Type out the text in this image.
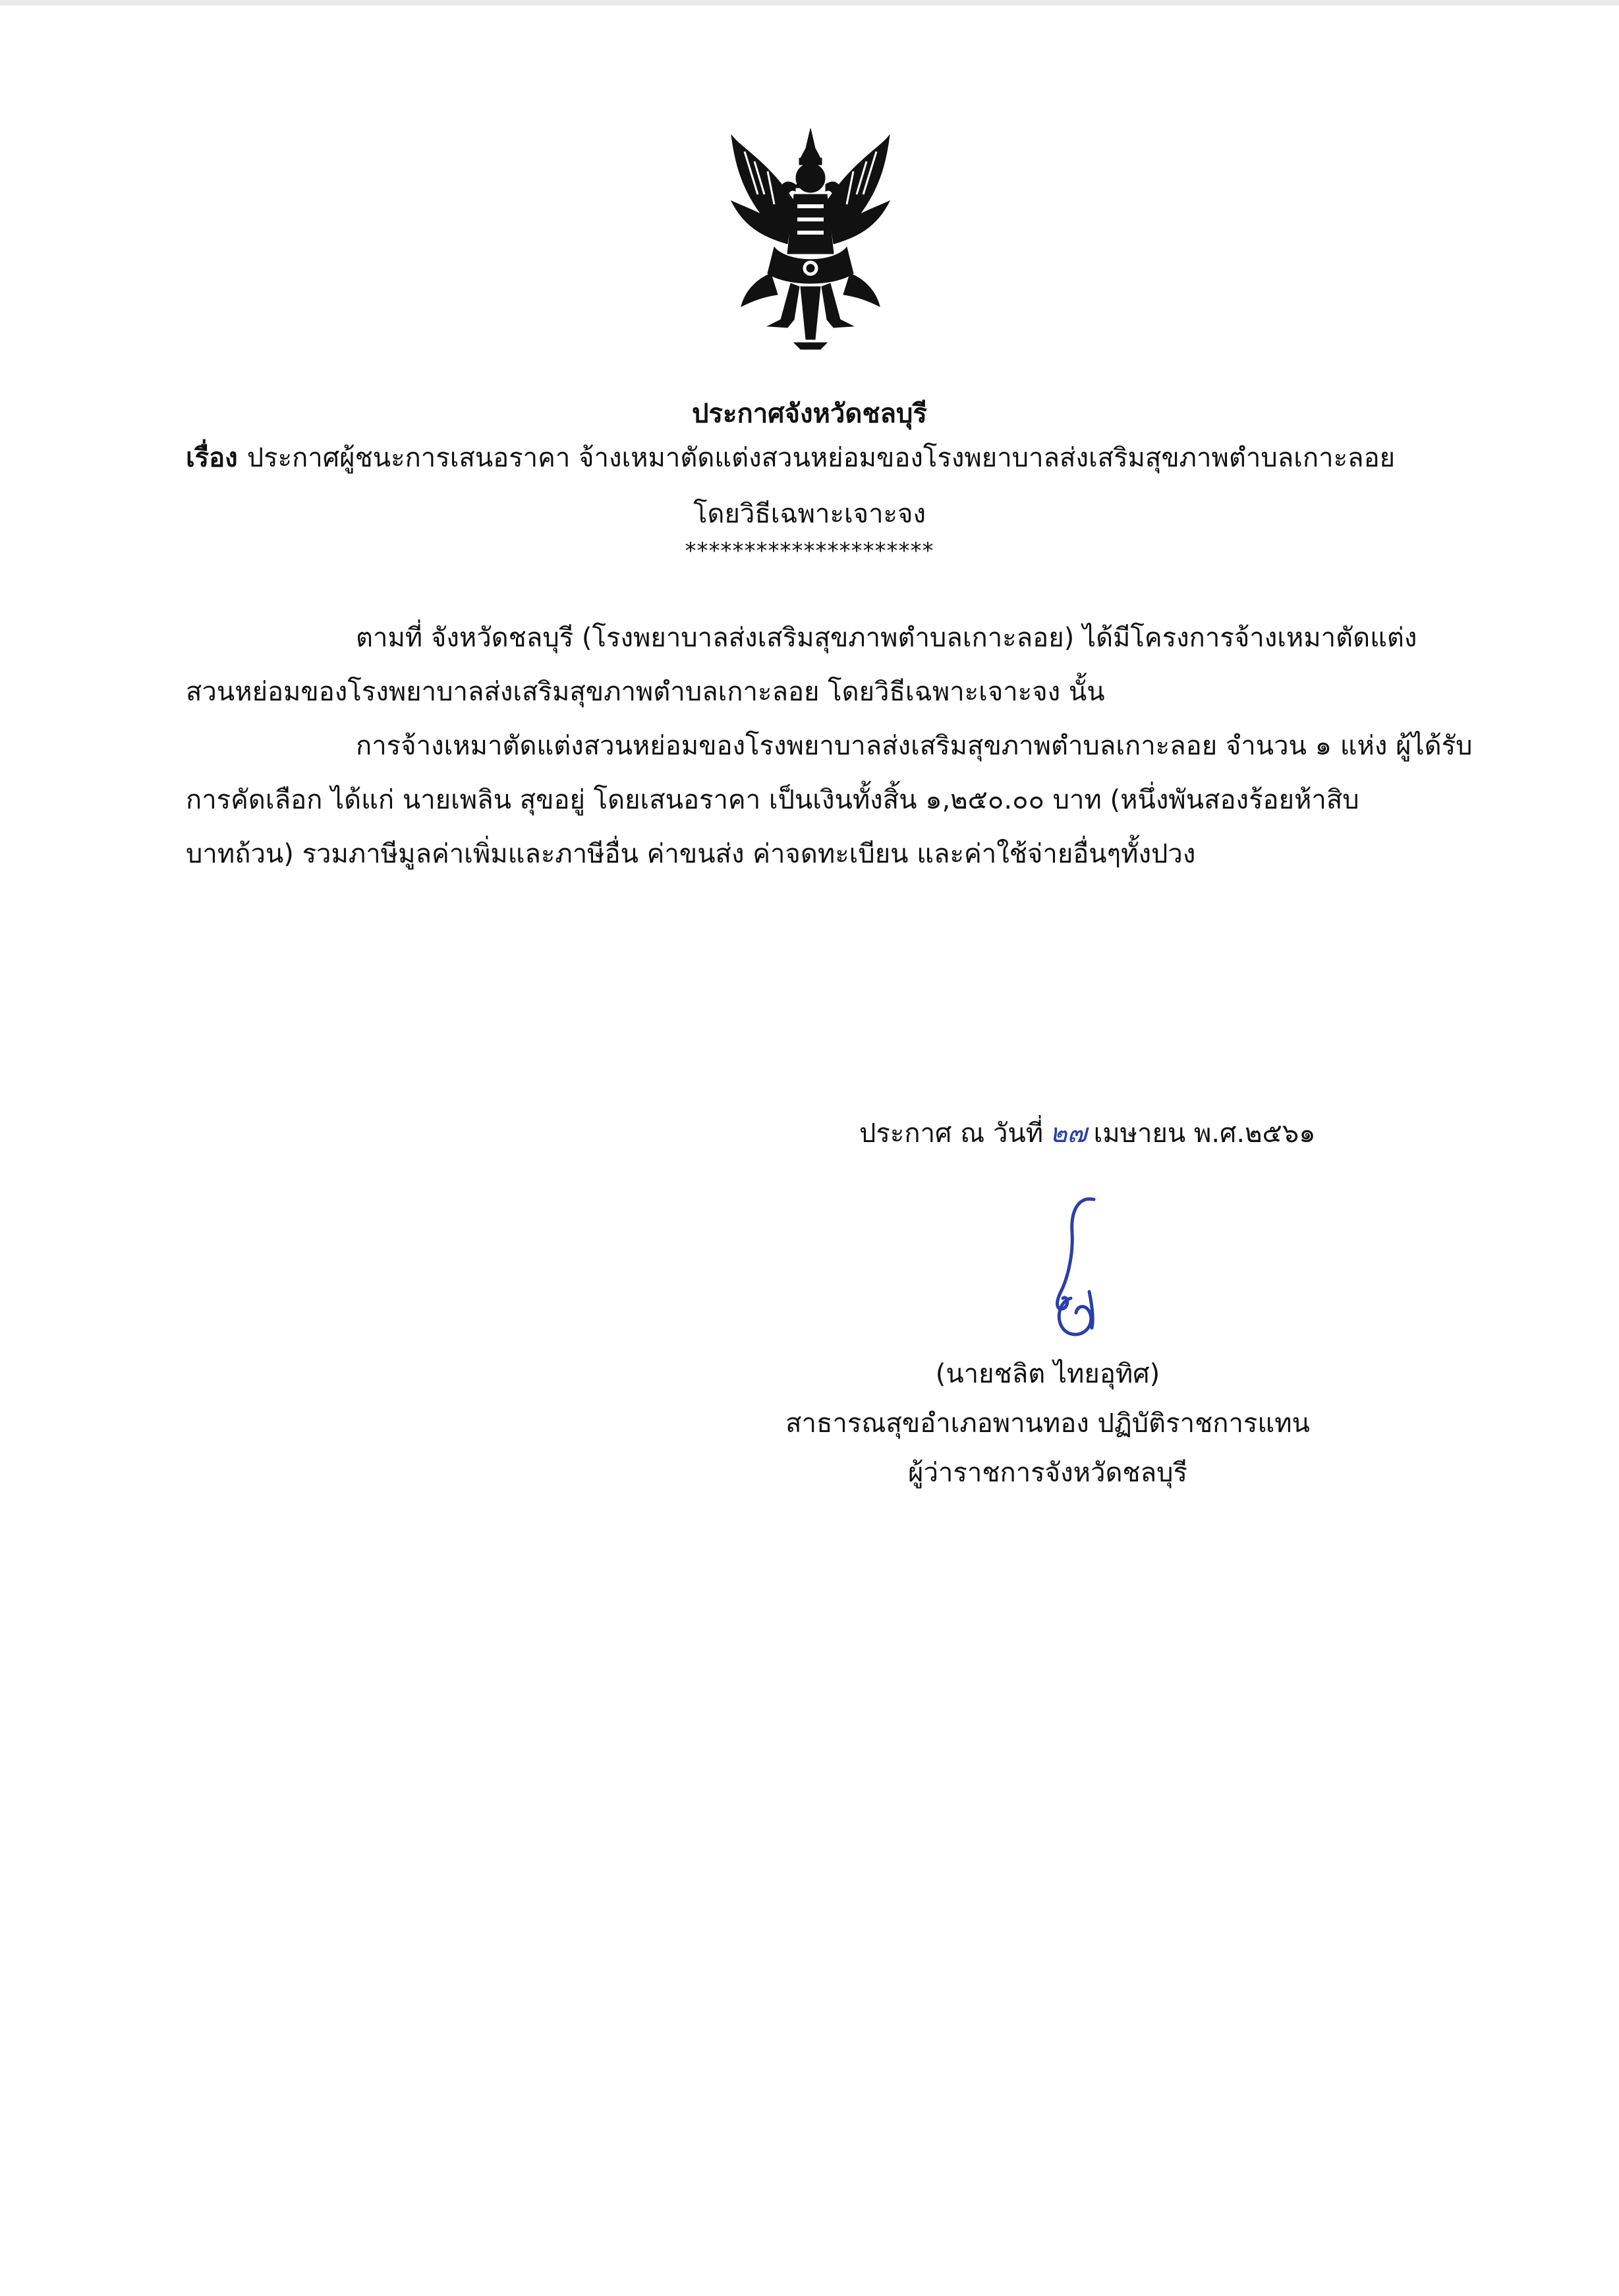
ประกาศจังหวัดชลบุรี
เรื่อง ประกาศผู้ชนะการเสนอราคา จ้างเหมาตัดแต่งสวนหย่อมของโรงพยาบาลส่งเสริมสุขภาพตำบลเกาะลอย
โดยวิธีเฉพาะเจาะจง
*********************
ตามที่ จังหวัดชลบุรี (โรงพยาบาลส่งเสริมสุขภาพตำบลเกาะลอย) ได้มีโครงการจ้างเหมาตัดแต่ง
สวนหย่อมของโรงพยาบาลส่งเสริมสุขภาพตำบลเกาะลอย โดยวิธีเฉพาะเจาะจง นั้น
การจ้างเหมาตัดแต่งสวนหย่อมของโรงพยาบาลส่งเสริมสุขภาพตำบลเกาะลอย จำนวน ๑ แห่ง ผู้ได้รับ
การคัดเลือก ได้แก่ นายเพลิน สุขอยู่ โดยเสนอราคา เป็นเงินทั้งสิ้น ๑,๒๕๐.๐๐ บาท (หนึ่งพันสองร้อยห้าสิบ
บาทถ้วน) รวมภาษีมูลค่าเพิ่มและภาษีอื่น ค่าขนส่ง ค่าจดทะเบียน และค่าใช้จ่ายอื่นๆทั้งปวง
ประกาศ ณ วันที่ ๒๗ เมษายน พ.ศ.๒๕๖๑
(นายชลิต ไทยอุทิศ)
สาธารณสุขอำเภอพานทอง ปฏิบัติราชการแทน
ผู้ว่าราชการจังหวัดชลบุรี
